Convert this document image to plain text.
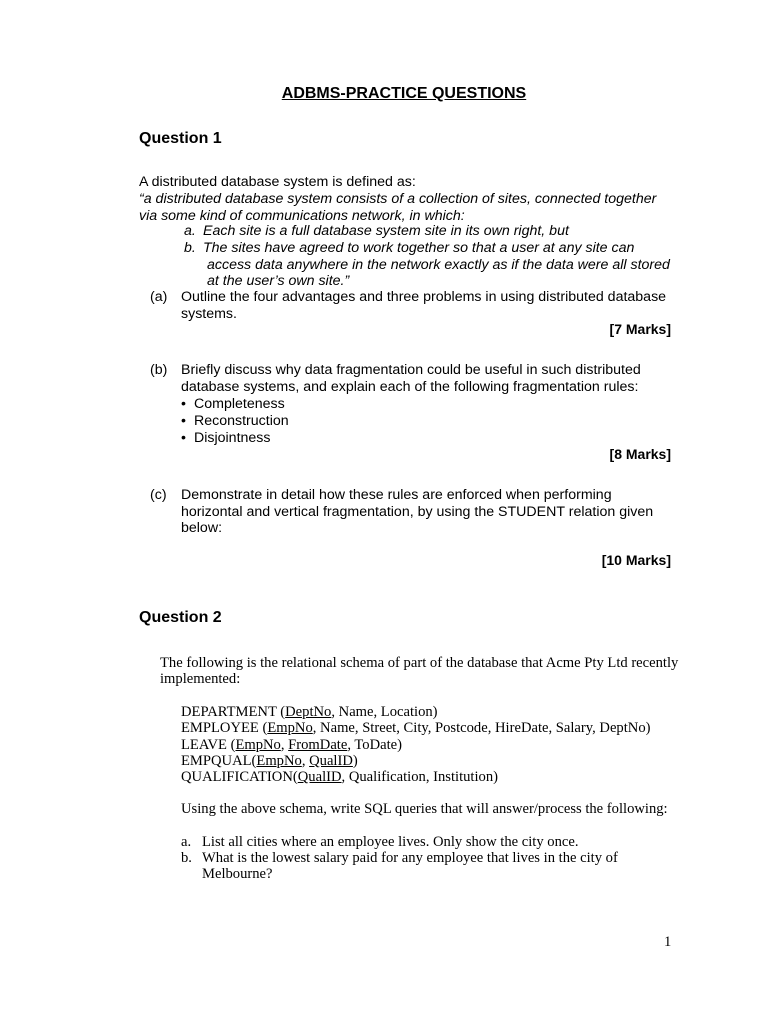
ADBMS-PRACTICE QUESTIONS
Question 1
A distributed database system is defined as:
“a distributed database system consists of a collection of sites, connected together
via some kind of communications network, in which:
a. Each site is a full database system site in its own right, but
b. The sites have agreed to work together so that a user at any site can
access data anywhere in the network exactly as if the data were all stored
at the user’s own site.”
(a) Outline the four advantages and three problems in using distributed database
systems.
[7 Marks]
(b) Briefly discuss why data fragmentation could be useful in such distributed
database systems, and explain each of the following fragmentation rules:
• Completeness
• Reconstruction
• Disjointness
[8 Marks]
(c) Demonstrate in detail how these rules are enforced when performing
horizontal and vertical fragmentation, by using the STUDENT relation given
below:
[10 Marks]
Question 2
The following is the relational schema of part of the database that Acme Pty Ltd recently
implemented:
DEPARTMENT (DeptNo, Name, Location)
EMPLOYEE (EmpNo, Name, Street, City, Postcode, HireDate, Salary, DeptNo)
LEAVE (EmpNo, FromDate, ToDate)
EMPQUAL(EmpNo, QualID)
QUALIFICATION(QualID, Qualification, Institution)
Using the above schema, write SQL queries that will answer/process the following:
a. List all cities where an employee lives. Only show the city once.
b. What is the lowest salary paid for any employee that lives in the city of
Melbourne?
1
